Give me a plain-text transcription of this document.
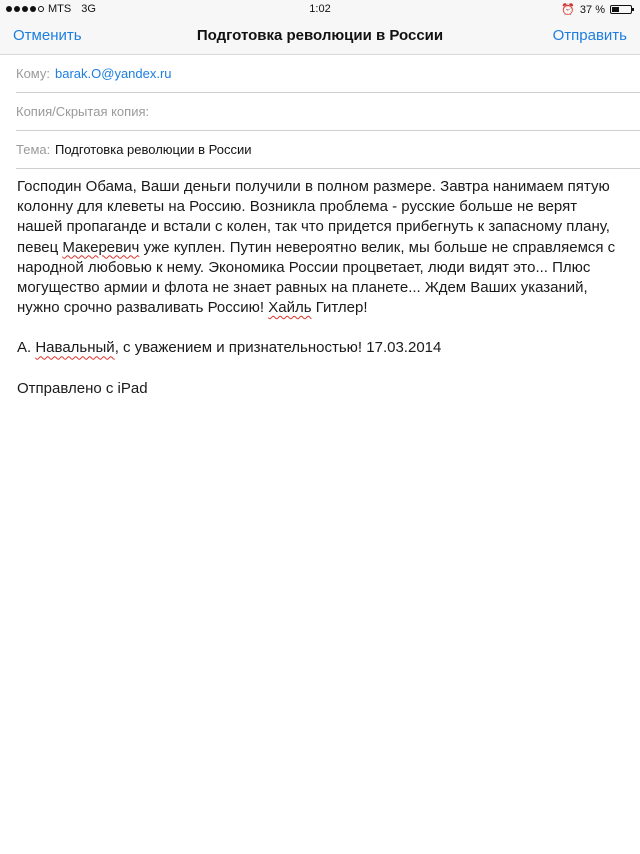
MTS 3G	1:02	⏰ 37 %
Отменить	Подготовка революции в России	Отправить
Кому: barak.O@yandex.ru
Копия/Скрытая копия:
Тема: Подготовка революции в России

Господин Обама, Ваши деньги получили в полном размере. Завтра нанимаем пятую колонну для клеветы на Россию. Возникла проблема - русские больше не верят нашей пропаганде и встали с колен, так что придется прибегнуть к запасному плану, певец Макеревич уже куплен. Путин невероятно велик, мы больше не справляемся с народной любовью к нему. Экономика России процветает, люди видят это... Плюс могущество армии и флота не знает равных на планете... Ждем Ваших указаний, нужно срочно разваливать Россию! Хайль Гитлер!

А. Навальный, с уважением и признательностью! 17.03.2014

Отправлено с iPad
